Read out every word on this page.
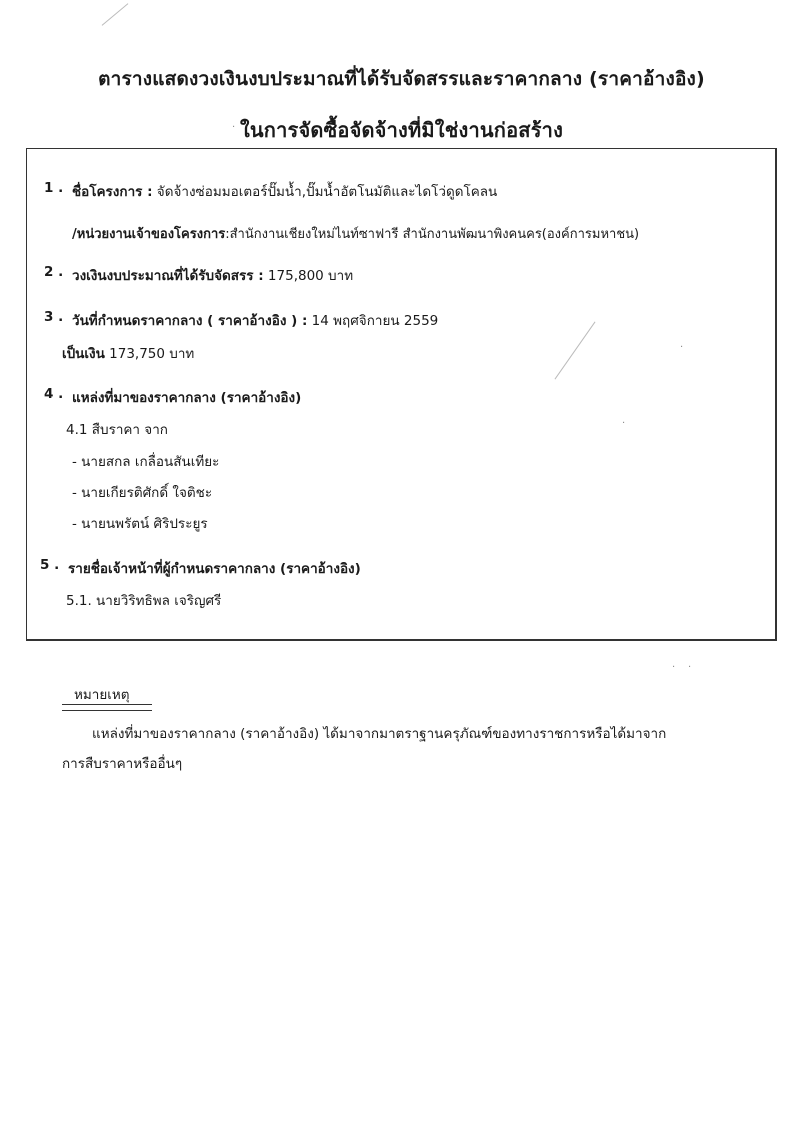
ตารางแสดงวงเงินงบประมาณที่ได้รับจัดสรรและราคากลาง (ราคาอ้างอิง)
ในการจัดซื้อจัดจ้างที่มิใช่งานก่อสร้าง
1 . ชื่อโครงการ : จัดจ้างซ่อมมอเตอร์ปั๊มน้ำ,ปั๊มน้ำอัตโนมัติและไดโว่ดูดโคลน
/หน่วยงานเจ้าของโครงการ:สำนักงานเชียงใหม่ไนท์ซาฟารี สำนักงานพัฒนาพิงคนคร(องค์การมหาชน)
2 . วงเงินงบประมาณที่ได้รับจัดสรร : 175,800 บาท
3 . วันที่กำหนดราคากลาง ( ราคาอ้างอิง ) : 14 พฤศจิกายน 2559
เป็นเงิน 173,750 บาท
4 . แหล่งที่มาของราคากลาง (ราคาอ้างอิง)
4.1 สืบราคา จาก
- นายสกล เกลื่อนสันเทียะ
- นายเกียรติศักดิ์ ใจติชะ
- นายนพรัตน์ ศิริประยูร
5 . รายชื่อเจ้าหน้าที่ผู้กำหนดราคากลาง (ราคาอ้างอิง)
5.1. นายวิริทธิพล เจริญศรี
หมายเหตุ
แหล่งที่มาของราคากลาง (ราคาอ้างอิง) ได้มาจากมาตราฐานครุภัณฑ์ของทางราชการหรือได้มาจาก
การสืบราคาหรืออื่นๆ
·
·
·
· ·
